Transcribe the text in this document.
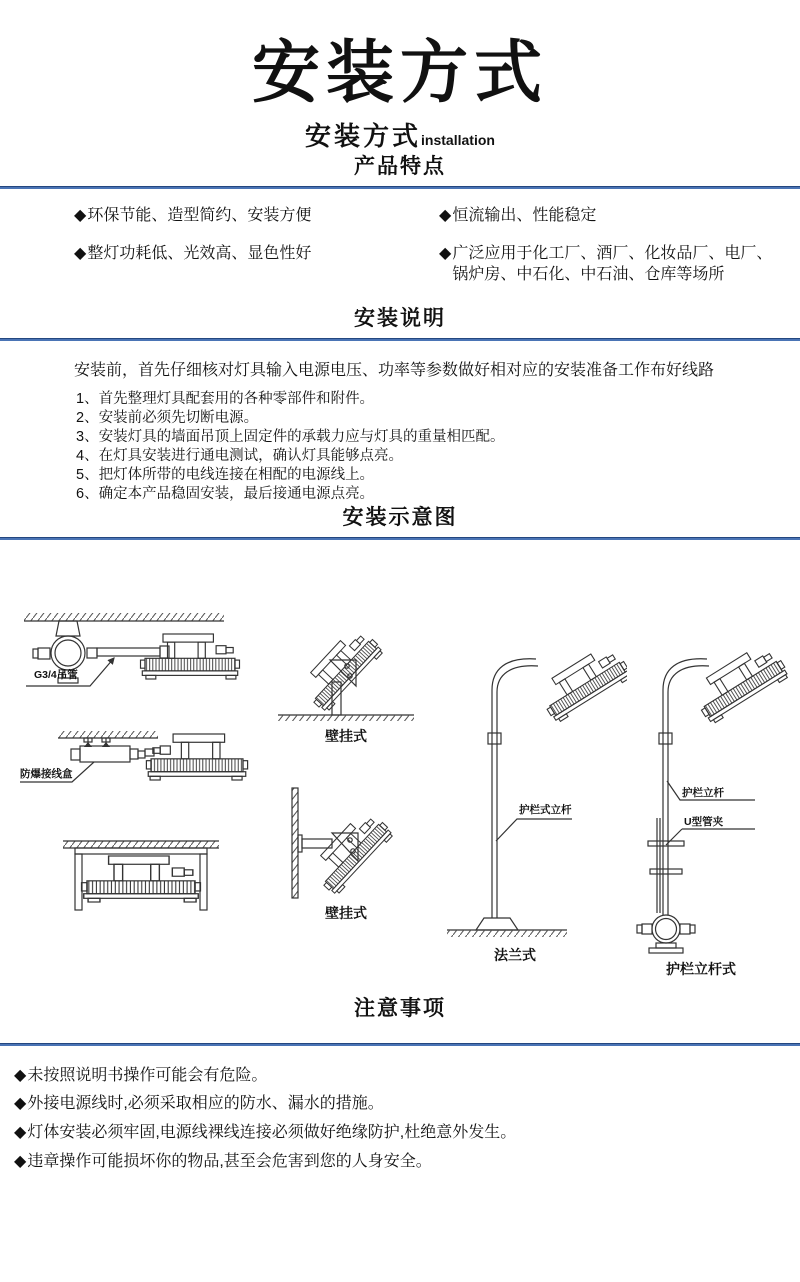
安装方式
安装方式installation
产品特点
◆ 环保节能、造型简约、安装方便
◆ 整灯功耗低、光效高、显色性好
◆ 恒流输出、性能稳定
◆ 广泛应用于化工厂、酒厂、化妆品厂、电厂、锅炉房、中石化、中石油、仓库等场所
安装说明

安装前，首先仔细核对灯具输入电源电压、功率等参数做好相对应的安装准备工作布好线路

1、首先整理灯具配套用的各种零部件和附件。
2、安装前必须先切断电源。
3、安装灯具的墙面吊顶上固定件的承载力应与灯具的重量相匹配。
4、在灯具安装进行通电测试，确认灯具能够点亮。
5、把灯体所带的电线连接在相配的电源线上。
6、确定本产品稳固安装，最后接通电源点亮。
安装示意图
G3/4吊管
防爆接线盒
壁挂式
壁挂式
护栏式立杆
法兰式
护栏立杆
U型管夹
护栏立杆式
注意事项
◆ 未按照说明书操作可能会有危险。
◆ 外接电源线时,必须采取相应的防水、漏水的措施。
◆ 灯体安装必须牢固,电源线裸线连接必须做好绝缘防护,杜绝意外发生。
◆ 违章操作可能损坏你的物品,甚至会危害到您的人身安全。
